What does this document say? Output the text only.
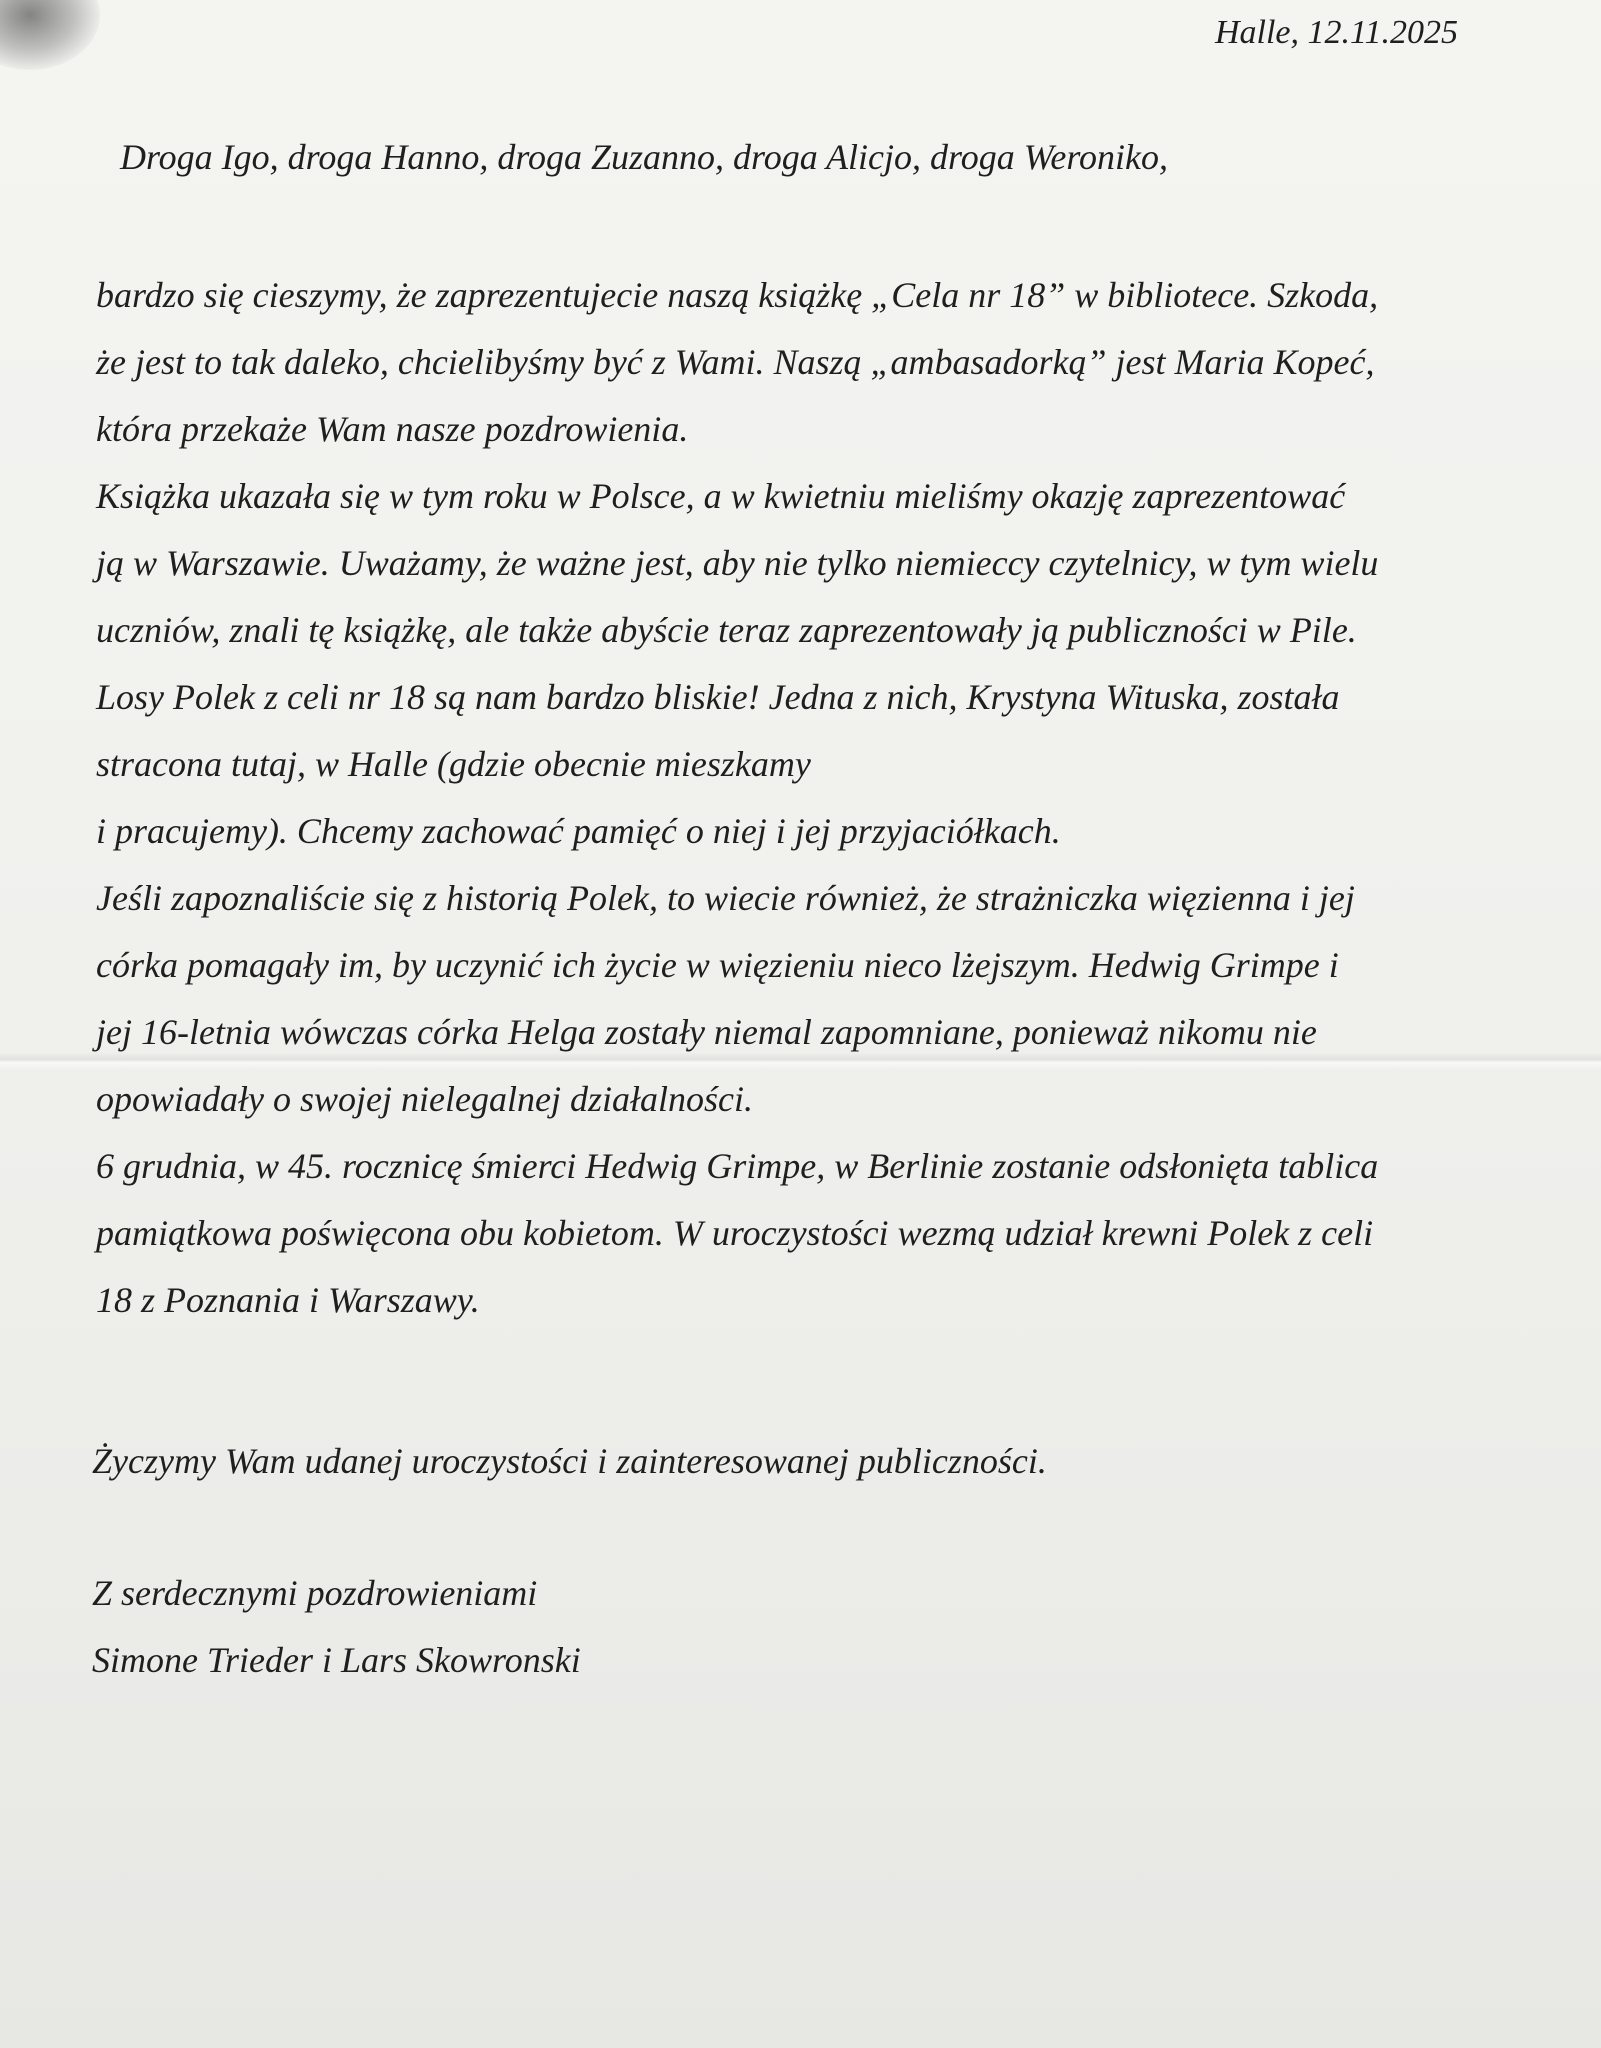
Halle, 12.11.2025
Droga Igo, droga Hanno, droga Zuzanno, droga Alicjo, droga Weroniko,
bardzo się cieszymy, że zaprezentujecie naszą książkę „Cela nr 18” w bibliotece. Szkoda,
że jest to tak daleko, chcielibyśmy być z Wami. Naszą „ambasadorką” jest Maria Kopeć,
która przekaże Wam nasze pozdrowienia.
Książka ukazała się w tym roku w Polsce, a w kwietniu mieliśmy okazję zaprezentować
ją w Warszawie. Uważamy, że ważne jest, aby nie tylko niemieccy czytelnicy, w tym wielu
uczniów, znali tę książkę, ale także abyście teraz zaprezentowały ją publiczności w Pile.
Losy Polek z celi nr 18 są nam bardzo bliskie! Jedna z nich, Krystyna Wituska, została
stracona tutaj, w Halle (gdzie obecnie mieszkamy
i pracujemy). Chcemy zachować pamięć o niej i jej przyjaciółkach.
Jeśli zapoznaliście się z historią Polek, to wiecie również, że strażniczka więzienna i jej
córka pomagały im, by uczynić ich życie w więzieniu nieco lżejszym. Hedwig Grimpe i
jej 16-letnia wówczas córka Helga zostały niemal zapomniane, ponieważ nikomu nie
opowiadały o swojej nielegalnej działalności.
6 grudnia, w 45. rocznicę śmierci Hedwig Grimpe, w Berlinie zostanie odsłonięta tablica
pamiątkowa poświęcona obu kobietom. W uroczystości wezmą udział krewni Polek z celi
18 z Poznania i Warszawy.
Życzymy Wam udanej uroczystości i zainteresowanej publiczności.
Z serdecznymi pozdrowieniami
Simone Trieder i Lars Skowronski
